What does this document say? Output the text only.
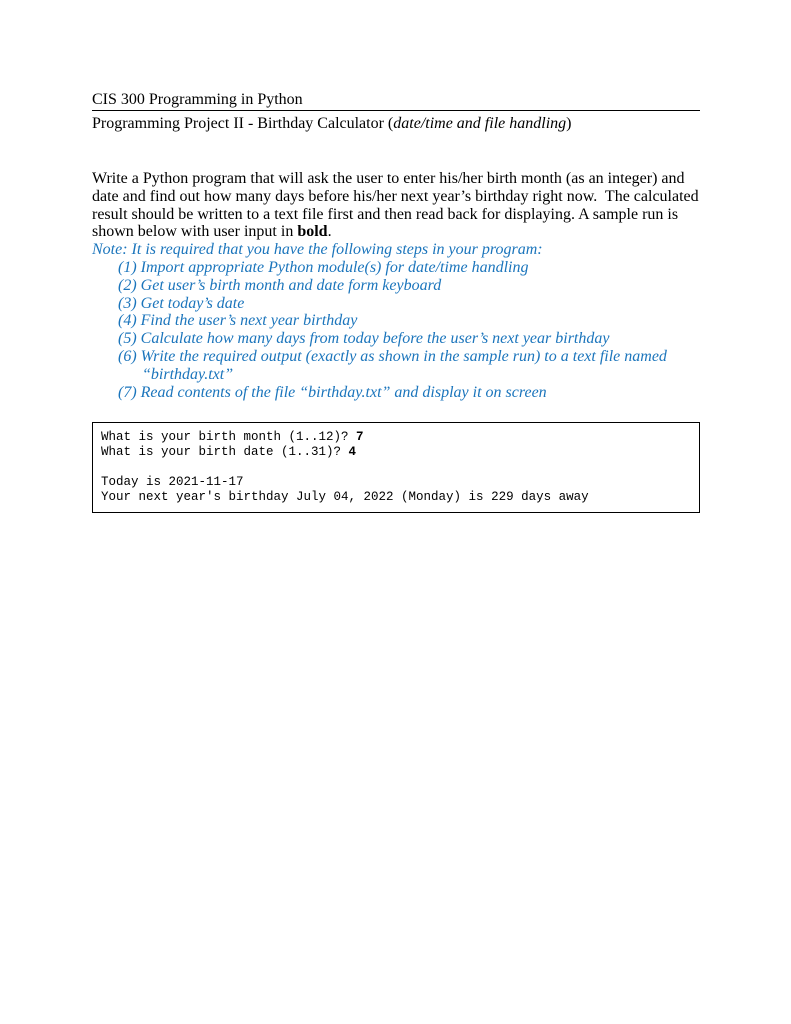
CIS 300 Programming in Python
Programming Project II - Birthday Calculator (date/time and file handling)

Write a Python program that will ask the user to enter his/her birth month (as an integer) and date and find out how many days before his/her next year’s birthday right now.  The calculated result should be written to a text file first and then read back for displaying. A sample run is shown below with user input in bold.

Note: It is required that you have the following steps in your program:
(1) Import appropriate Python module(s) for date/time handling
(2) Get user’s birth month and date form keyboard
(3) Get today’s date
(4) Find the user’s next year birthday
(5) Calculate how many days from today before the user’s next year birthday
(6) Write the required output (exactly as shown in the sample run) to a text file named “birthday.txt”
(7) Read contents of the file “birthday.txt” and display it on screen
What is your birth month (1..12)? 7
What is your birth date (1..31)? 4

Today is 2021-11-17
Your next year's birthday July 04, 2022 (Monday) is 229 days away
